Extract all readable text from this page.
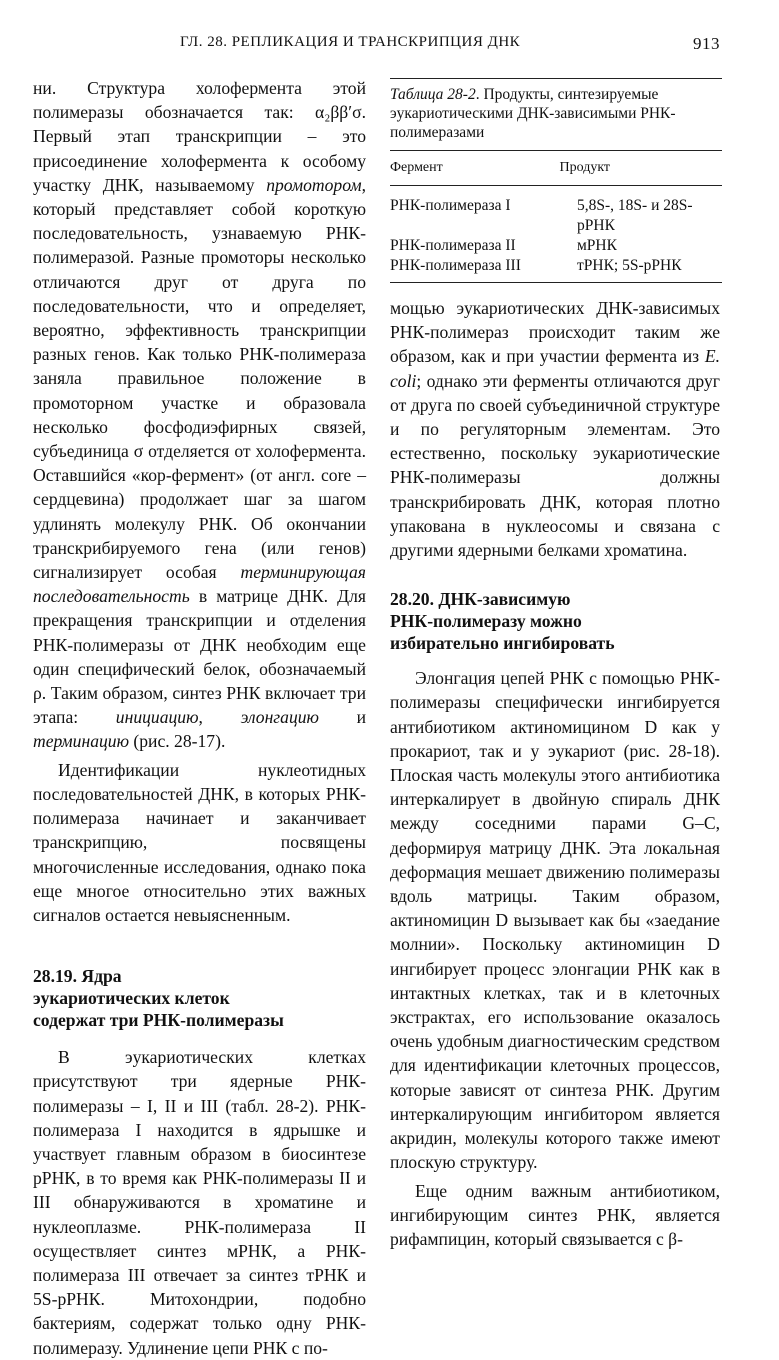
ГЛ. 28. РЕПЛИКАЦИЯ И ТРАНСКРИПЦИЯ ДНК	913

ни. Структура холофермента этой полимеразы обозначается так: α₂ββ′σ. Первый этап транскрипции – это присоединение холофермента к особому участку ДНК, называемому промотором, который представляет собой короткую последовательность, узнаваемую РНК-полимеразой. Разные промоторы несколько отличаются друг от друга по последовательности, что и определяет, вероятно, эффективность транскрипции разных генов. Как только РНК-полимераза заняла правильное положение в промоторном участке и образовала несколько фосфодиэфирных связей, субъединица σ отделяется от холофермента. Оставшийся «кор-фермент» (от англ. core – сердцевина) продолжает шаг за шагом удлинять молекулу РНК. Об окончании транскрибируемого гена (или генов) сигнализирует особая терминирующая последовательность в матрице ДНК. Для прекращения транскрипции и отделения РНК-полимеразы от ДНК необходим еще один специфический белок, обозначаемый ρ. Таким образом, синтез РНК включает три этапа: инициацию, элонгацию и терминацию (рис. 28-17).

Идентификации нуклеотидных последовательностей ДНК, в которых РНК-полимераза начинает и заканчивает транскрипцию, посвящены многочисленные исследования, однако пока еще многое относительно этих важных сигналов остается невыясненным.

28.19. Ядра
эукариотических клеток
содержат три РНК-полимеразы

В эукариотических клетках присутствуют три ядерные РНК-полимеразы – I, II и III (табл. 28-2). РНК-полимераза I находится в ядрышке и участвует главным образом в биосинтезе рРНК, в то время как РНК-полимеразы II и III обнаруживаются в хроматине и нуклеоплазме. РНК-полимераза II осуществляет синтез мРНК, а РНК-полимераза III отвечает за синтез тРНК и 5S-рРНК. Митохондрии, подобно бактериям, содержат только одну РНК-полимеразу. Удлинение цепи РНК с по-

Таблица 28-2. Продукты, синтезируемые эукариотическими ДНК-зависимыми РНК-полимеразами
Фермент	Продукт
РНК-полимераза I	5,8S-, 18S- и 28S-рРНК
РНК-полимераза II	мРНК
РНК-полимераза III	тРНК; 5S-рРНК

мощью эукариотических ДНК-зависимых РНК-полимераз происходит таким же образом, как и при участии фермента из E. coli; однако эти ферменты отличаются друг от друга по своей субъединичной структуре и по регуляторным элементам. Это естественно, поскольку эукариотические РНК-полимеразы должны транскрибировать ДНК, которая плотно упакована в нуклеосомы и связана с другими ядерными белками хроматина.

28.20. ДНК-зависимую
РНК-полимеразу можно
избирательно ингибировать

Элонгация цепей РНК с помощью РНК-полимеразы специфически ингибируется антибиотиком актиномицином D как у прокариот, так и у эукариот (рис. 28-18). Плоская часть молекулы этого антибиотика интеркалирует в двойную спираль ДНК между соседними парами G–C, деформируя матрицу ДНК. Эта локальная деформация мешает движению полимеразы вдоль матрицы. Таким образом, актиномицин D вызывает как бы «заедание молнии». Поскольку актиномицин D ингибирует процесс элонгации РНК как в интактных клетках, так и в клеточных экстрактах, его использование оказалось очень удобным диагностическим средством для идентификации клеточных процессов, которые зависят от синтеза РНК. Другим интеркалирующим ингибитором является акридин, молекулы которого также имеют плоскую структуру.

Еще одним важным антибиотиком, ингибирующим синтез РНК, является рифампицин, который связывается с β-
